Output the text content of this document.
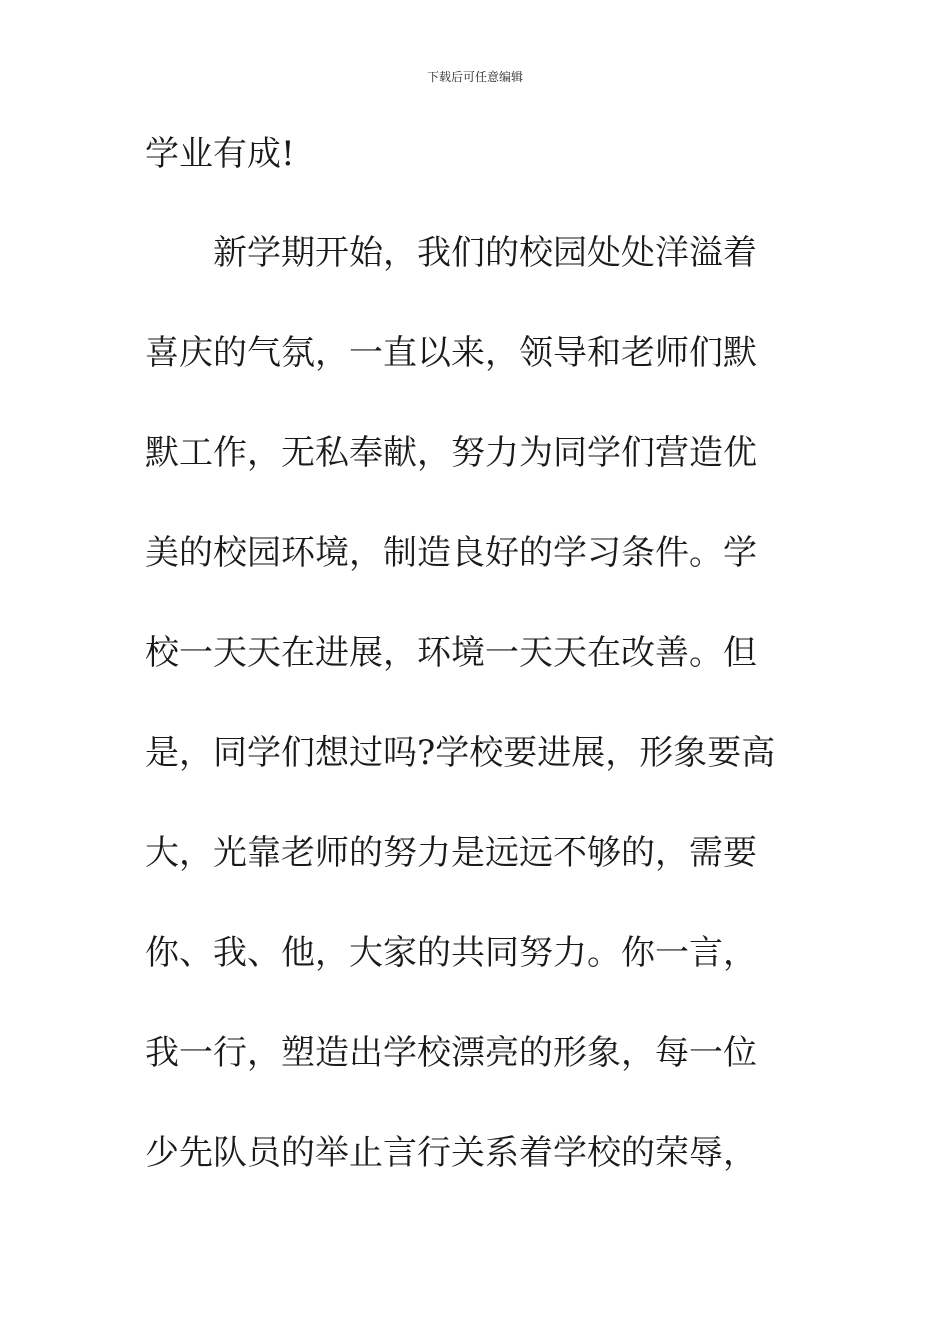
下载后可任意编辑
学业有成!
　　新学期开始，我们的校园处处洋溢着
喜庆的气氛，一直以来，领导和老师们默
默工作，无私奉献，努力为同学们营造优
美的校园环境，制造良好的学习条件。学
校一天天在进展，环境一天天在改善。但
是，同学们想过吗?学校要进展，形象要高
大，光靠老师的努力是远远不够的，需要
你、我、他，大家的共同努力。你一言，
我一行，塑造出学校漂亮的形象，每一位
少先队员的举止言行关系着学校的荣辱，
